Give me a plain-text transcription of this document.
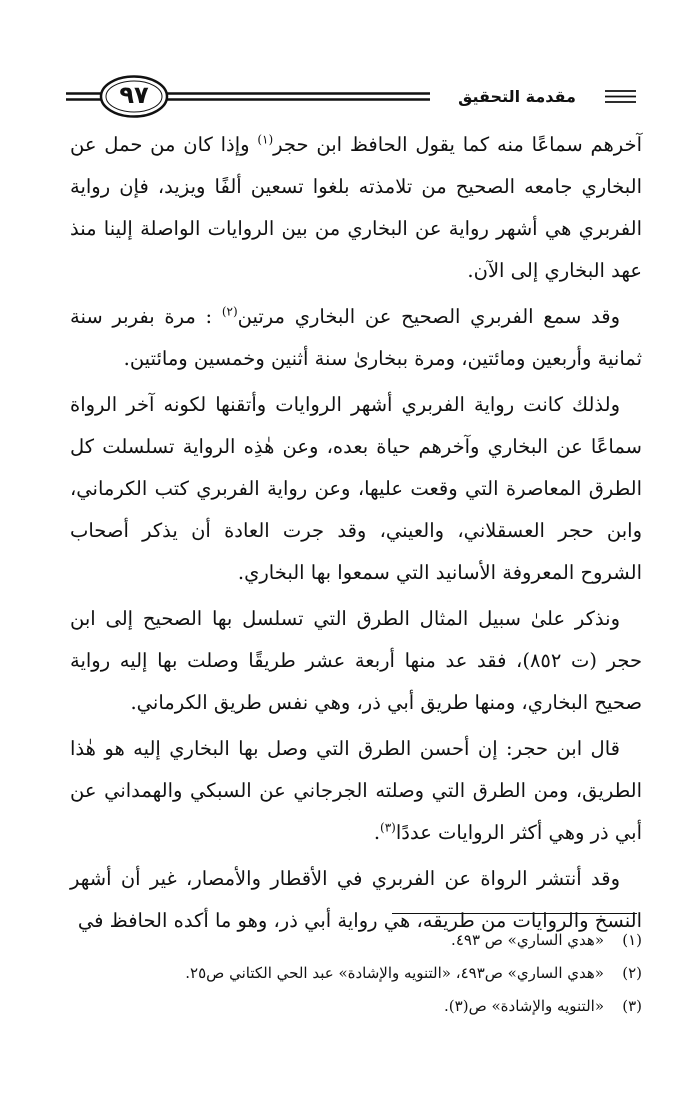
٩٧	مقدمة التحقيق

آخرهم سماعًا منه كما يقول الحافظ ابن حجر$^{(١)}$ وإذا كان من حمل عن البخاري جامعه الصحيح من تلامذته بلغوا تسعين ألفًا ويزيد، فإن رواية الفربري هي أشهر رواية عن البخاري من بين الروايات الواصلة إلينا منذ عهد البخاري إلى الآن.

وقد سمع الفربري الصحيح عن البخاري مرتين$^{(٢)}$ : مرة بفربر سنة ثمانية وأربعين ومائتين، ومرة ببخارىٰ سنة أثنين وخمسين ومائتين.

ولذلك كانت رواية الفربري أشهر الروايات وأتقنها لكونه آخر الرواة سماعًا عن البخاري وآخرهم حياة بعده، وعن هٰذِه الرواية تسلسلت كل الطرق المعاصرة التي وقعت عليها، وعن رواية الفربري كتب الكرماني، وابن حجر العسقلاني، والعيني، وقد جرت العادة أن يذكر أصحاب الشروح المعروفة الأسانيد التي سمعوا بها البخاري.

ونذكر علىٰ سبيل المثال الطرق التي تسلسل بها الصحيح إلى ابن حجر (ت ٨٥٢)، فقد عد منها أربعة عشر طريقًا وصلت بها إليه رواية صحيح البخاري، ومنها طريق أبي ذر، وهي نفس طريق الكرماني.

قال ابن حجر: إن أحسن الطرق التي وصل بها البخاري إليه هو هٰذا الطريق، ومن الطرق التي وصلته الجرجاني عن السبكي والهمداني عن أبي ذر وهي أكثر الروايات عددًا$^{(٣)}$.

وقد أنتشر الرواة عن الفربري في الأقطار والأمصار، غير أن أشهر النسخ والروايات من طريقه، هي رواية أبي ذر، وهو ما أكده الحافظ في

(١)«هدي الساري» ص ٤٩٣.
(٢)«هدي الساري» ص٤٩٣، «التنويه والإشادة» عبد الحي الكتاني ص٢٥.
(٣)«التنويه والإشادة» ص(٣).
